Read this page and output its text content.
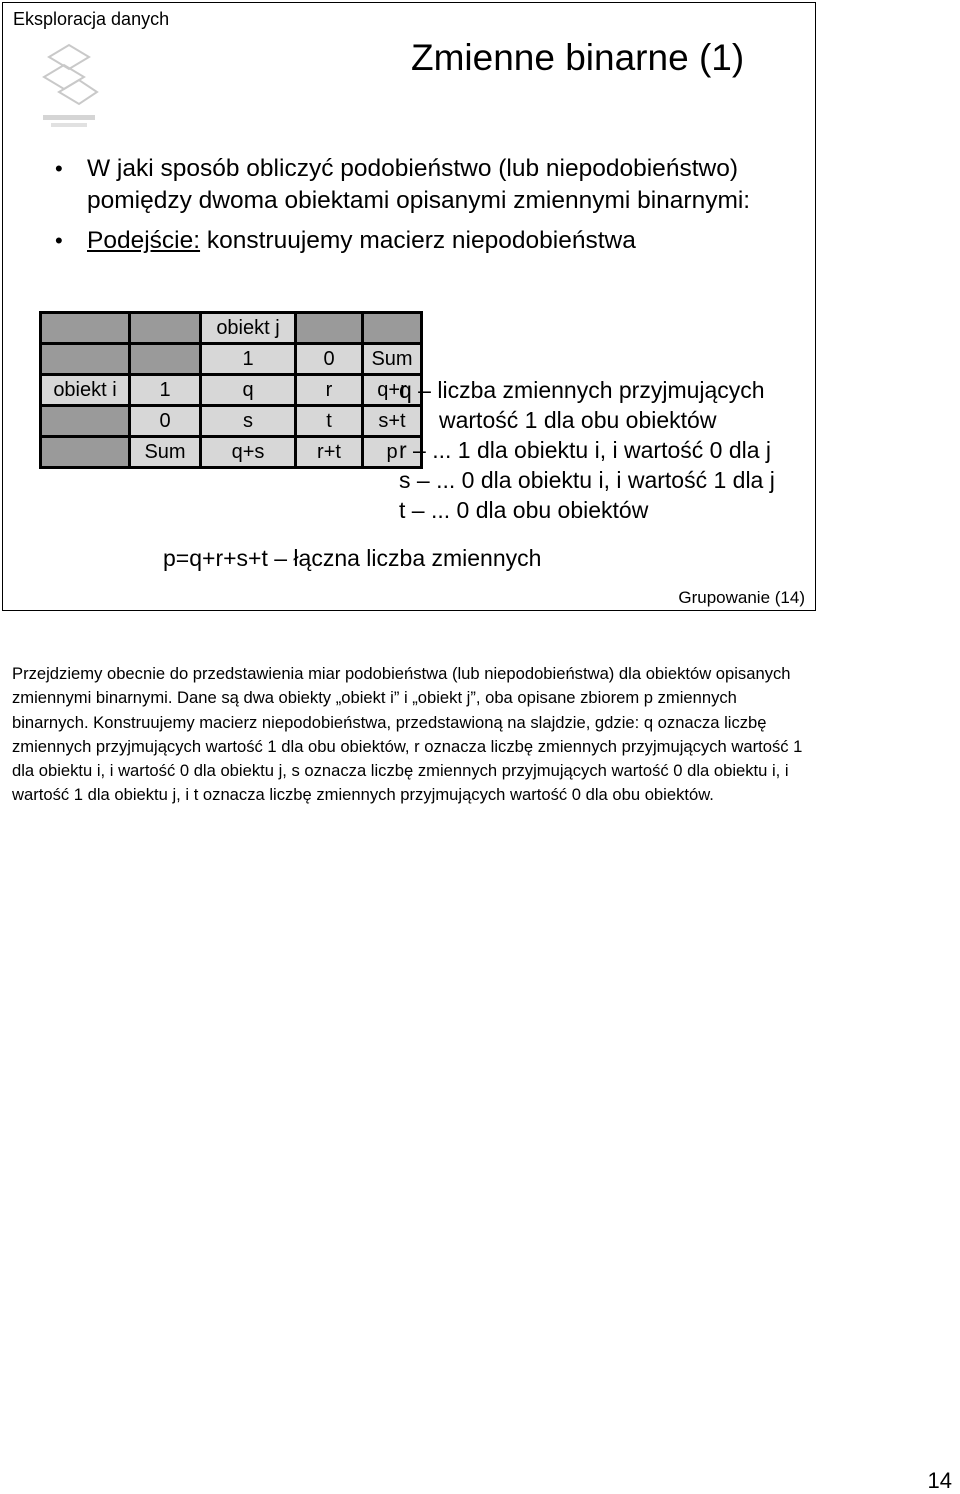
Eksploracja danych
Zmienne binarne (1)
• W jaki sposób obliczyć podobieństwo (lub niepodobieństwo) pomiędzy dwoma obiektami opisanymi zmiennymi binarnymi:
• Podejście: konstruujemy macierz niepodobieństwa
		obiekt j		
		1	0	Sum
obiekt i	1	q	r	q+r
	0	s	t	s+t
	Sum	q+s	r+t	p
q – liczba zmiennych przyjmujących
wartość 1 dla obu obiektów
r – ... 1 dla obiektu i, i wartość 0 dla j
s – ... 0 dla obiektu i, i wartość 1 dla j
t – ... 0 dla obu obiektów
p=q+r+s+t – łączna liczba zmiennych
Grupowanie (14)
Przejdziemy obecnie do przedstawienia miar podobieństwa (lub niepodobieństwa) dla obiektów opisanych zmiennymi binarnymi. Dane są dwa obiekty „obiekt i” i „obiekt j”, oba opisane zbiorem p zmiennych binarnych. Konstruujemy macierz niepodobieństwa, przedstawioną na slajdzie, gdzie: q oznacza liczbę zmiennych przyjmujących wartość 1 dla obu obiektów, r oznacza liczbę zmiennych przyjmujących wartość 1 dla obiektu i, i wartość 0 dla obiektu j, s oznacza liczbę zmiennych przyjmujących wartość 0 dla obiektu i, i wartość 1 dla obiektu j, i t oznacza liczbę zmiennych przyjmujących wartość 0 dla obu obiektów.
14
